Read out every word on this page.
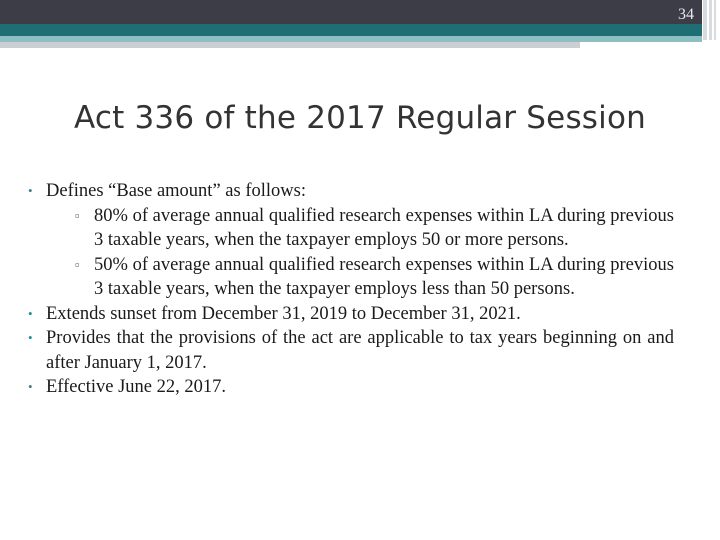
34
Act 336 of the 2017 Regular Session
• Defines “Base amount” as follows:
▫ 80% of average annual qualified research expenses within LA during previous 3 taxable years, when the taxpayer employs 50 or more persons.
▫ 50% of average annual qualified research expenses within LA during previous 3 taxable years, when the taxpayer employs less than 50 persons.
• Extends sunset from December 31, 2019 to December 31, 2021.
• Provides that the provisions of the act are applicable to tax years beginning on and after January 1, 2017.
• Effective June 22, 2017.
